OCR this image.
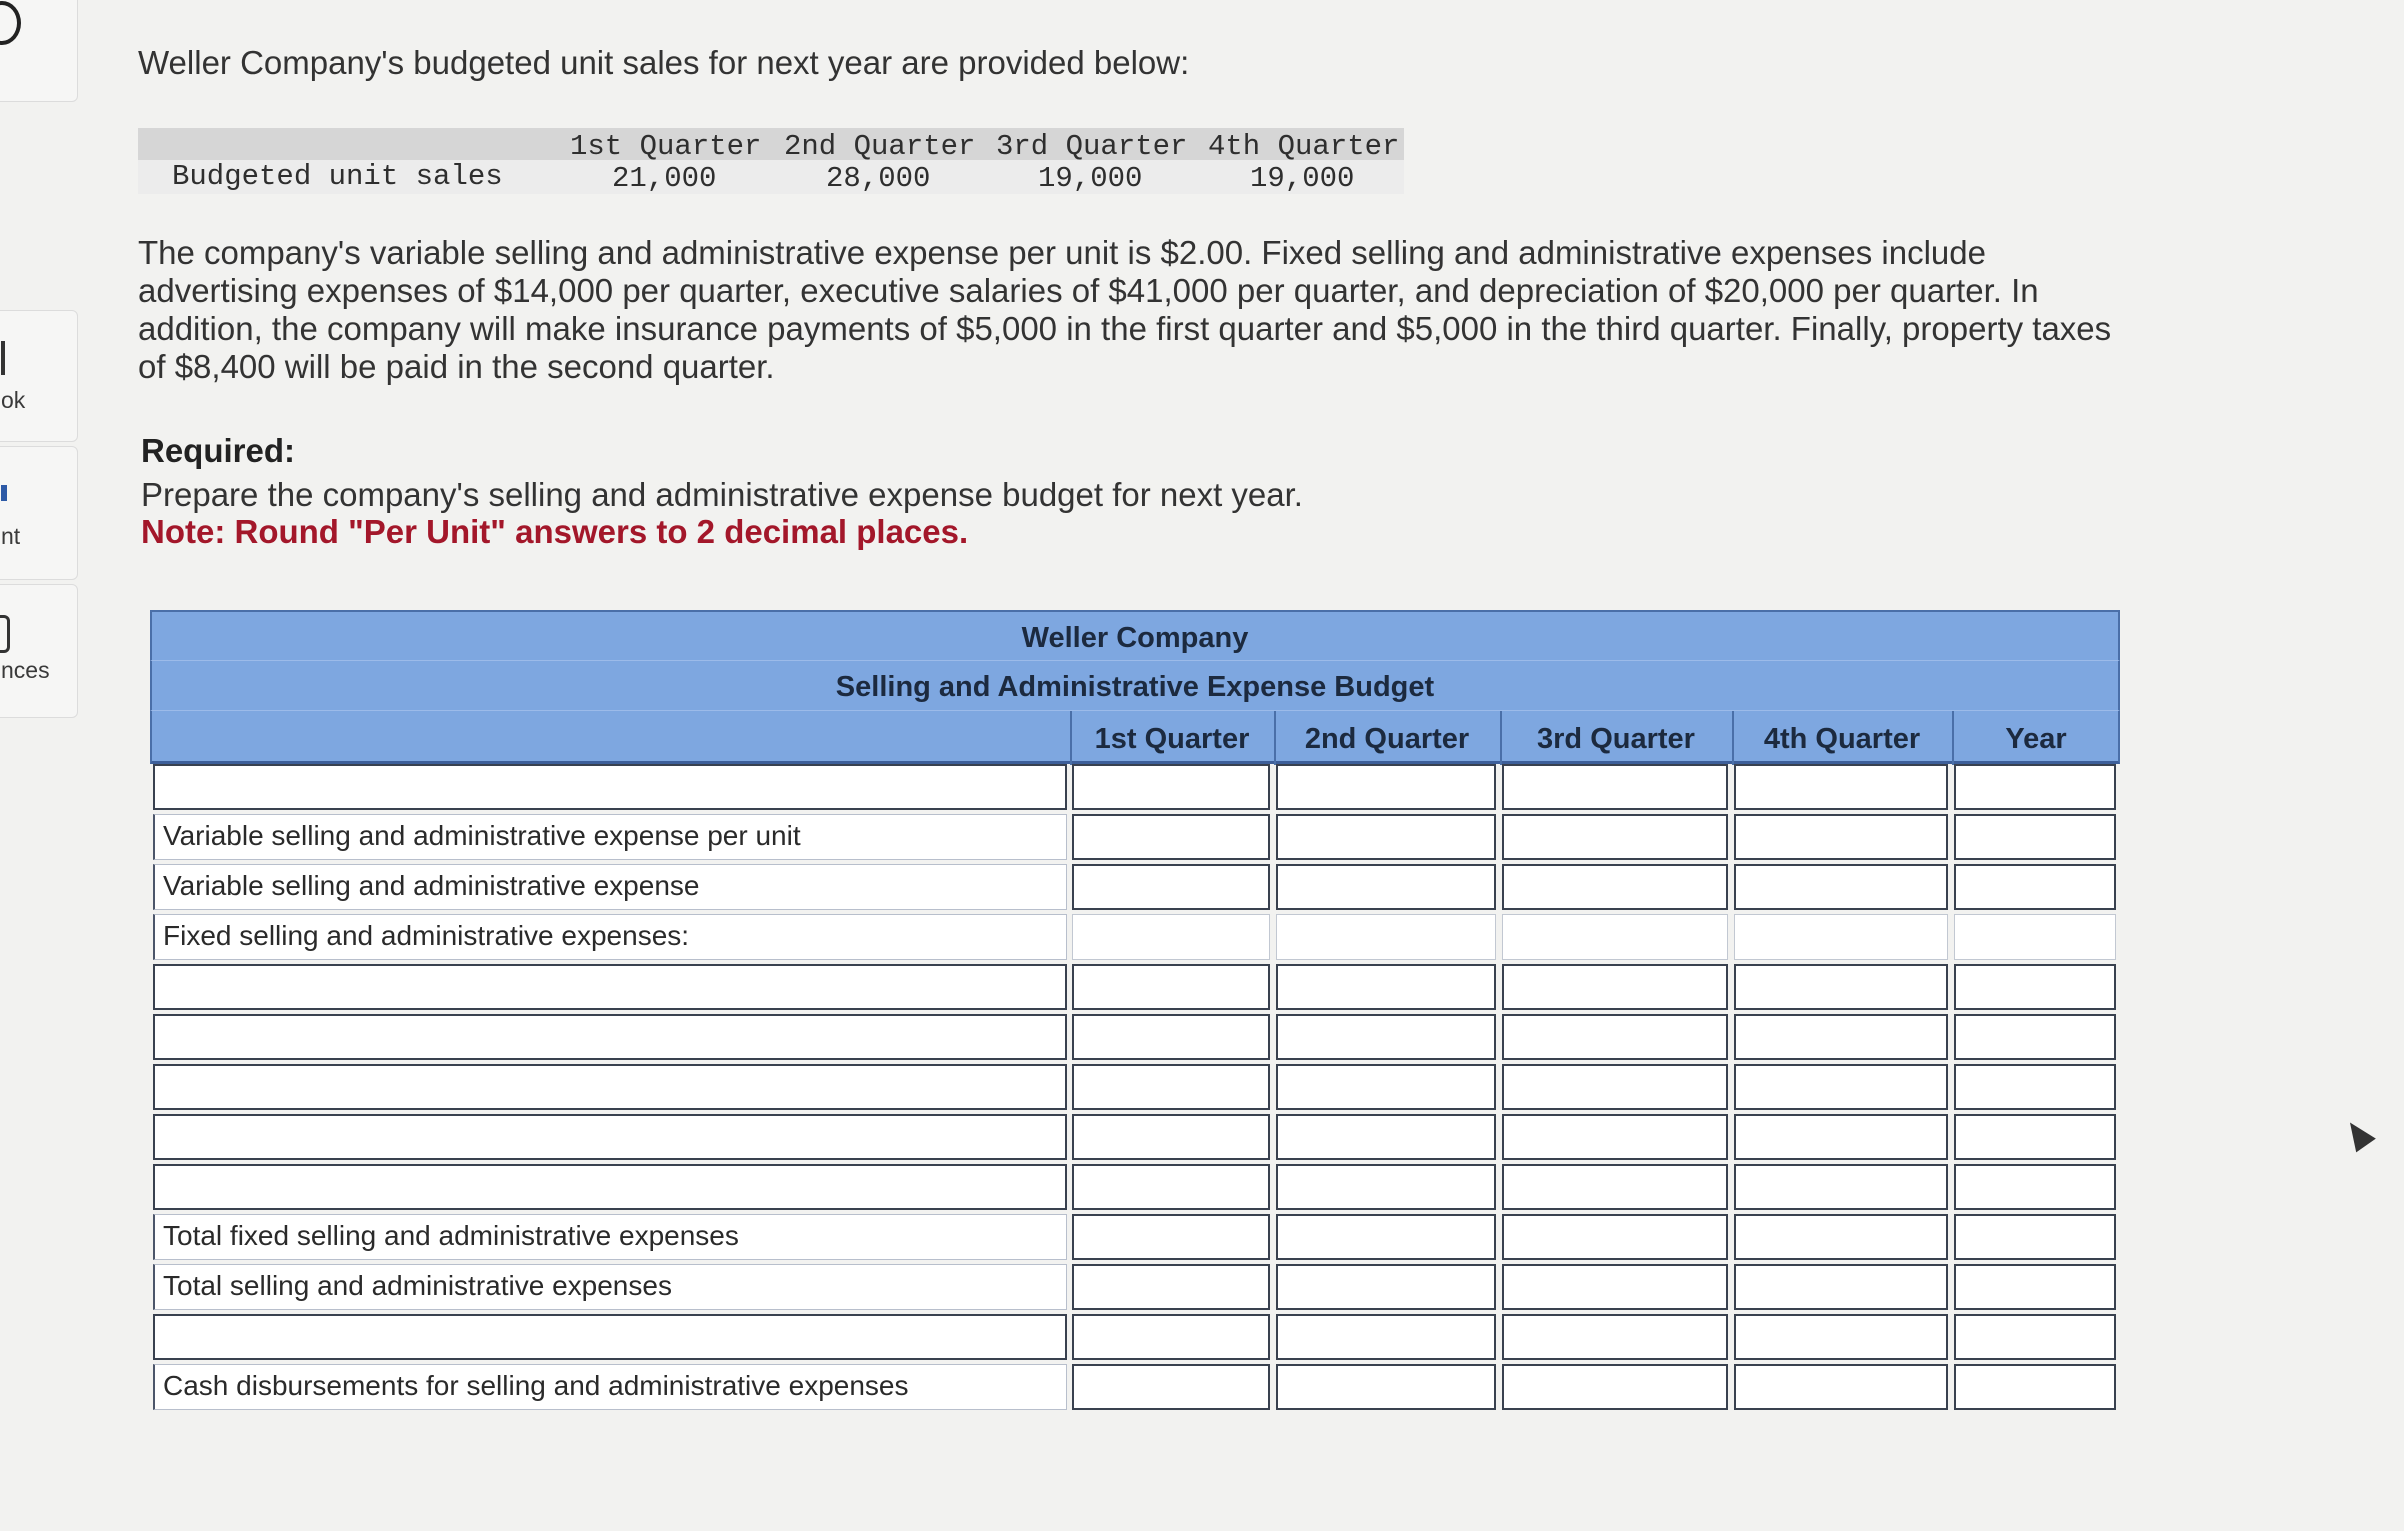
ok
nt
nces
Weller Company's budgeted unit sales for next year are provided below:
1st Quarter 2nd Quarter 3rd Quarter 4th Quarter
Budgeted unit sales	21,000	28,000	19,000	19,000
The company's variable selling and administrative expense per unit is $2.00. Fixed selling and administrative expenses include advertising expenses of $14,000 per quarter, executive salaries of $41,000 per quarter, and depreciation of $20,000 per quarter. In addition, the company will make insurance payments of $5,000 in the first quarter and $5,000 in the third quarter. Finally, property taxes of $8,400 will be paid in the second quarter.
Required:
Prepare the company's selling and administrative expense budget for next year.
Note: Round "Per Unit" answers to 2 decimal places.
Weller Company
Selling and Administrative Expense Budget
1st Quarter	2nd Quarter	3rd Quarter	4th Quarter	Year
Variable selling and administrative expense per unit
Variable selling and administrative expense
Fixed selling and administrative expenses:
Total fixed selling and administrative expenses
Total selling and administrative expenses
Cash disbursements for selling and administrative expenses
